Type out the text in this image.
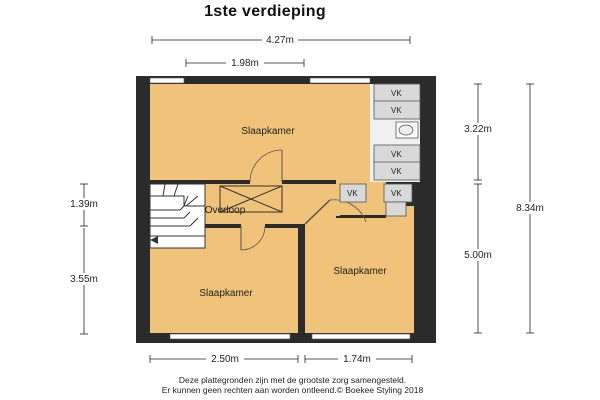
1ste verdieping
VK
VK
VK
VK
VK	VK
Slaapkamer
Overloop
Slaapkamer
Slaapkamer
4.27m
1.98m
2.50m	1.74m
1.39m
3.55m
3.22m
5.00m
8.34m
Deze plattegronden zijn met de grootste zorg samengesteld.
Er kunnen geen rechten aan worden ontleend.© Boekee Styling 2018
